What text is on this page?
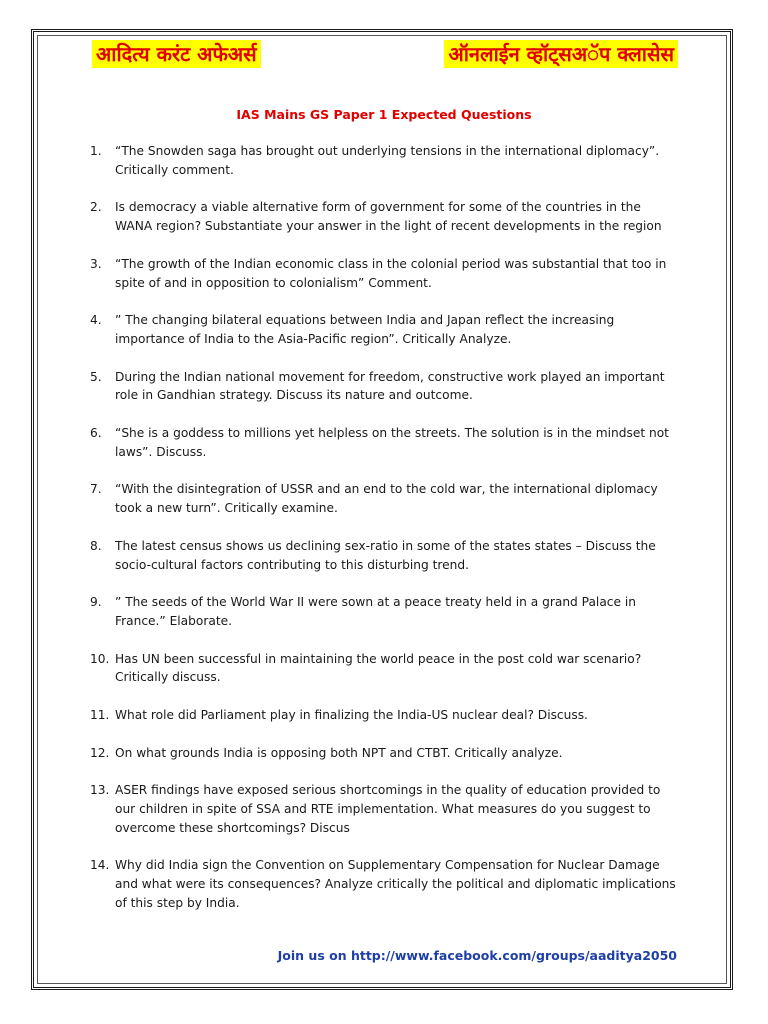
आदित्य करंट अफेअर्स	ऑनलाईन व्हॉट्सअॅप क्लासेस
IAS Mains GS Paper 1 Expected Questions
1.	“The Snowden saga has brought out underlying tensions in the international diplomacy”. Critically comment.
2.	Is democracy a viable alternative form of government for some of the countries in the WANA region? Substantiate your answer in the light of recent developments in the region
3.	“The growth of the Indian economic class in the colonial period was substantial that too in spite of and in opposition to colonialism” Comment.
4.	” The changing bilateral equations between India and Japan reflect the increasing importance of India to the Asia-Pacific region”. Critically Analyze.
5.	During the Indian national movement for freedom, constructive work played an important role in Gandhian strategy. Discuss its nature and outcome.
6.	“She is a goddess to millions yet helpless on the streets. The solution is in the mindset not laws”. Discuss.
7.	“With the disintegration of USSR and an end to the cold war, the international diplomacy took a new turn”. Critically examine.
8.	The latest census shows us declining sex-ratio in some of the states states – Discuss the socio-cultural factors contributing to this disturbing trend.
9.	” The seeds of the World War II were sown at a peace treaty held in a grand Palace in France.” Elaborate.
10. Has UN been successful in maintaining the world peace in the post cold war scenario? Critically discuss.
11. What role did Parliament play in finalizing the India-US nuclear deal? Discuss.
12. On what grounds India is opposing both NPT and CTBT. Critically analyze.
13. ASER findings have exposed serious shortcomings in the quality of education provided to our children in spite of SSA and RTE implementation. What measures do you suggest to overcome these shortcomings? Discus
14. Why did India sign the Convention on Supplementary Compensation for Nuclear Damage and what were its consequences? Analyze critically the political and diplomatic implications of this step by India.
Join us on http://www.facebook.com/groups/aaditya2050
